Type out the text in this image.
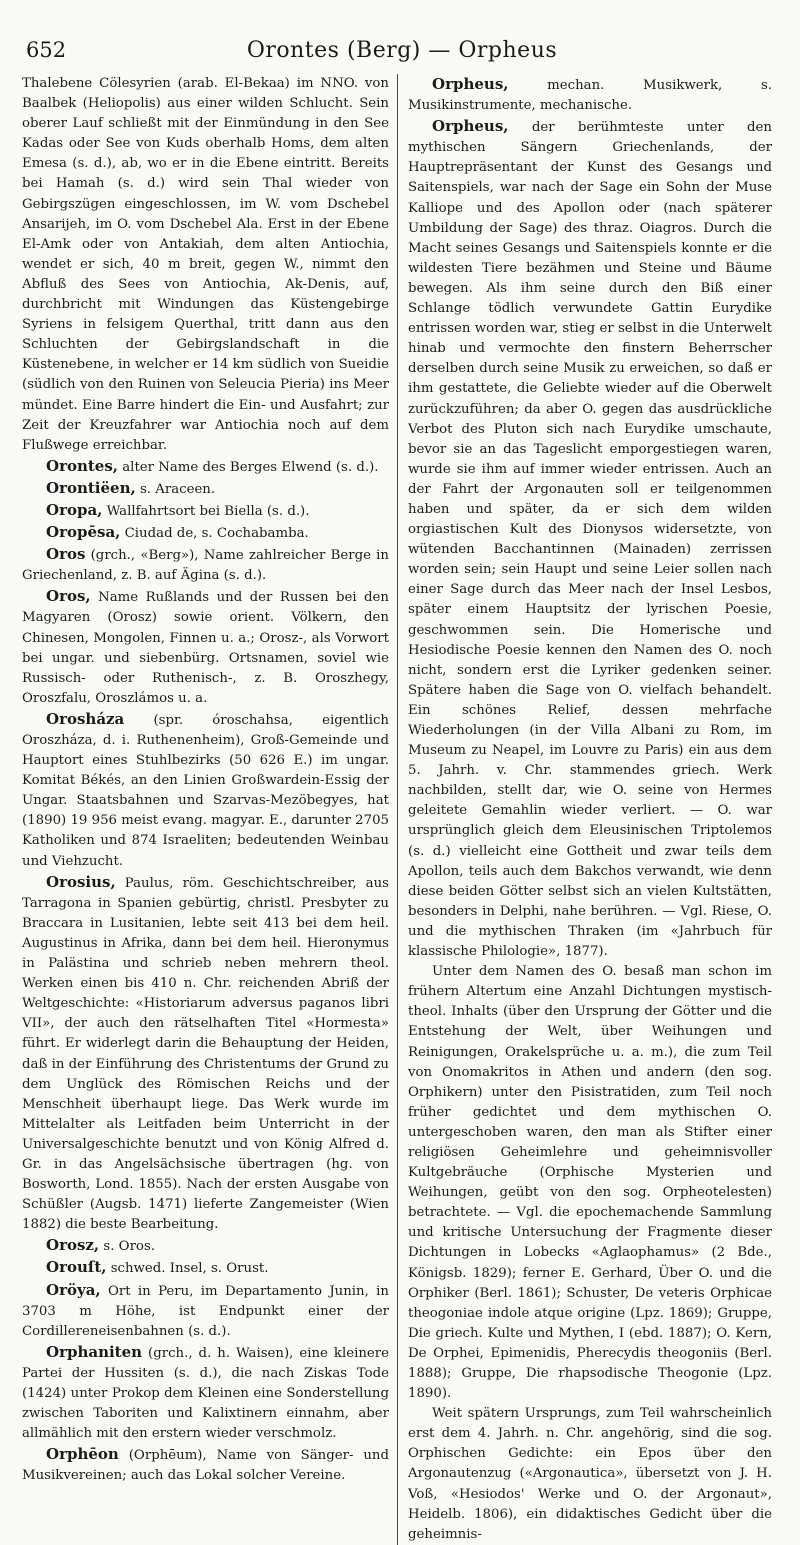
652	Orontes (Berg) — Orpheus

Thalebene Cölesyrien (arab. El-Bekaa) im NNO. von Baalbek (Heliopolis) aus einer wilden Schlucht. Sein oberer Lauf schließt mit der Einmündung in den See Kadas oder See von Kuds oberhalb Homs, dem alten Emesa (s. d.), ab, wo er in die Ebene eintritt. Bereits bei Hamah (s. d.) wird sein Thal wieder von Gebirgszügen eingeschlossen, im W. vom Dschebel Ansarijeh, im O. vom Dschebel Ala. Erst in der Ebene El-Amk oder von Antakiah, dem alten Antiochia, wendet er sich, 40 m breit, gegen W., nimmt den Abfluß des Sees von Antiochia, Ak-Denis, auf, durchbricht mit Windungen das Küstengebirge Syriens in felsigem Querthal, tritt dann aus den Schluchten der Gebirgslandschaft in die Küstenebene, in welcher er 14 km südlich von Sueidie (südlich von den Ruinen von Seleucia Pieria) ins Meer mündet. Eine Barre hindert die Ein- und Ausfahrt; zur Zeit der Kreuzfahrer war Antiochia noch auf dem Flußwege erreichbar.

Orontes, alter Name des Berges Elwend (s. d.).

Orontiëen, s. Araceen.

Oropa, Wallfahrtsort bei Biella (s. d.).

Oropēsa, Ciudad de, s. Cochabamba.

Oros (grch., «Berg»), Name zahlreicher Berge in Griechenland, z. B. auf Ägina (s. d.).

Oros, Name Rußlands und der Russen bei den Magyaren (Orosz) sowie orient. Völkern, den Chinesen, Mongolen, Finnen u. a.; Orosz-, als Vorwort bei ungar. und siebenbürg. Ortsnamen, soviel wie Russisch- oder Ruthenisch-, z. B. Oroszhegy, Oroszfalu, Oroszlámos u. a.

Orosháza (spr. óroschahsa, eigentlich Oroszháza, d. i. Ruthenenheim), Groß-Gemeinde und Hauptort eines Stuhlbezirks (50 626 E.) im ungar. Komitat Békés, an den Linien Großwardein-Essig der Ungar. Staatsbahnen und Szarvas-Mezöbegyes, hat (1890) 19 956 meist evang. magyar. E., darunter 2705 Katholiken und 874 Israeliten; bedeutenden Weinbau und Viehzucht.

Orosius, Paulus, röm. Geschichtschreiber, aus Tarragona in Spanien gebürtig, christl. Presbyter zu Braccara in Lusitanien, lebte seit 413 bei dem heil. Augustinus in Afrika, dann bei dem heil. Hieronymus in Palästina und schrieb neben mehrern theol. Werken einen bis 410 n. Chr. reichenden Abriß der Weltgeschichte: «Historiarum adversus paganos libri VII», der auch den rätselhaften Titel «Hormesta» führt. Er widerlegt darin die Behauptung der Heiden, daß in der Einführung des Christentums der Grund zu dem Unglück des Römischen Reichs und der Menschheit überhaupt liege. Das Werk wurde im Mittelalter als Leitfaden beim Unterricht in der Universalgeschichte benutzt und von König Alfred d. Gr. in das Angelsächsische übertragen (hg. von Bosworth, Lond. 1855). Nach der ersten Ausgabe von Schüßler (Augsb. 1471) lieferte Zangemeister (Wien 1882) die beste Bearbeitung.

Orosz, s. Oros.

Orouſt, schwed. Insel, s. Orust.

Oröya, Ort in Peru, im Departamento Junin, in 3703 m Höhe, ist Endpunkt einer der Cordillereneisenbahnen (s. d.).

Orphaniten (grch., d. h. Waisen), eine kleinere Partei der Hussiten (s. d.), die nach Ziskas Tode (1424) unter Prokop dem Kleinen eine Sonderstellung zwischen Taboriten und Kalixtinern einnahm, aber allmählich mit den erstern wieder verschmolz.

Orphēon (Orphēum), Name von Sänger- und Musikvereinen; auch das Lokal solcher Vereine.

Orpheus, mechan. Musikwerk, s. Musikinstrumente, mechanische.

Orpheus, der berühmteste unter den mythischen Sängern Griechenlands, der Hauptrepräsentant der Kunst des Gesangs und Saitenspiels, war nach der Sage ein Sohn der Muse Kalliope und des Apollon oder (nach späterer Umbildung der Sage) des thraz. Oiagros. Durch die Macht seines Gesangs und Saitenspiels konnte er die wildesten Tiere bezähmen und Steine und Bäume bewegen. Als ihm seine durch den Biß einer Schlange tödlich verwundete Gattin Eurydike entrissen worden war, stieg er selbst in die Unterwelt hinab und vermochte den finstern Beherrscher derselben durch seine Musik zu erweichen, so daß er ihm gestattete, die Geliebte wieder auf die Oberwelt zurückzuführen; da aber O. gegen das ausdrückliche Verbot des Pluton sich nach Eurydike umschaute, bevor sie an das Tageslicht emporgestiegen waren, wurde sie ihm auf immer wieder entrissen. Auch an der Fahrt der Argonauten soll er teilgenommen haben und später, da er sich dem wilden orgiastischen Kult des Dionysos widersetzte, von wütenden Bacchantinnen (Mainaden) zerrissen worden sein; sein Haupt und seine Leier sollen nach einer Sage durch das Meer nach der Insel Lesbos, später einem Hauptsitz der lyrischen Poesie, geschwommen sein. Die Homerische und Hesiodische Poesie kennen den Namen des O. noch nicht, sondern erst die Lyriker gedenken seiner. Spätere haben die Sage von O. vielfach behandelt. Ein schönes Relief, dessen mehrfache Wiederholungen (in der Villa Albani zu Rom, im Museum zu Neapel, im Louvre zu Paris) ein aus dem 5. Jahrh. v. Chr. stammendes griech. Werk nachbilden, stellt dar, wie O. seine von Hermes geleitete Gemahlin wieder verliert. — O. war ursprünglich gleich dem Eleusinischen Triptolemos (s. d.) vielleicht eine Gottheit und zwar teils dem Apollon, teils auch dem Bakchos verwandt, wie denn diese beiden Götter selbst sich an vielen Kultstätten, besonders in Delphi, nahe berühren. — Vgl. Riese, O. und die mythischen Thraken (im «Jahrbuch für klassische Philologie», 1877).

Unter dem Namen des O. besaß man schon im frühern Altertum eine Anzahl Dichtungen mystisch-theol. Inhalts (über den Ursprung der Götter und die Entstehung der Welt, über Weihungen und Reinigungen, Orakelsprüche u. a. m.), die zum Teil von Onomakritos in Athen und andern (den sog. Orphikern) unter den Pisistratiden, zum Teil noch früher gedichtet und dem mythischen O. untergeschoben waren, den man als Stifter einer religiösen Geheimlehre und geheimnisvoller Kultgebräuche (Orphische Mysterien und Weihungen, geübt von den sog. Orpheotelesten) betrachtete. — Vgl. die epochemachende Sammlung und kritische Untersuchung der Fragmente dieser Dichtungen in Lobecks «Aglaophamus» (2 Bde., Königsb. 1829); ferner E. Gerhard, Über O. und die Orphiker (Berl. 1861); Schuster, De veteris Orphicae theogoniae indole atque origine (Lpz. 1869); Gruppe, Die griech. Kulte und Mythen, I (ebd. 1887); O. Kern, De Orphei, Epimenidis, Pherecydis theogoniis (Berl. 1888); Gruppe, Die rhapsodische Theogonie (Lpz. 1890).

Weit spätern Ursprungs, zum Teil wahrscheinlich erst dem 4. Jahrh. n. Chr. angehörig, sind die sog. Orphischen Gedichte: ein Epos über den Argonautenzug («Argonautica», übersetzt von J. H. Voß, «Hesiodos' Werke und O. der Argonaut», Heidelb. 1806), ein didaktisches Gedicht über die geheimnis-
